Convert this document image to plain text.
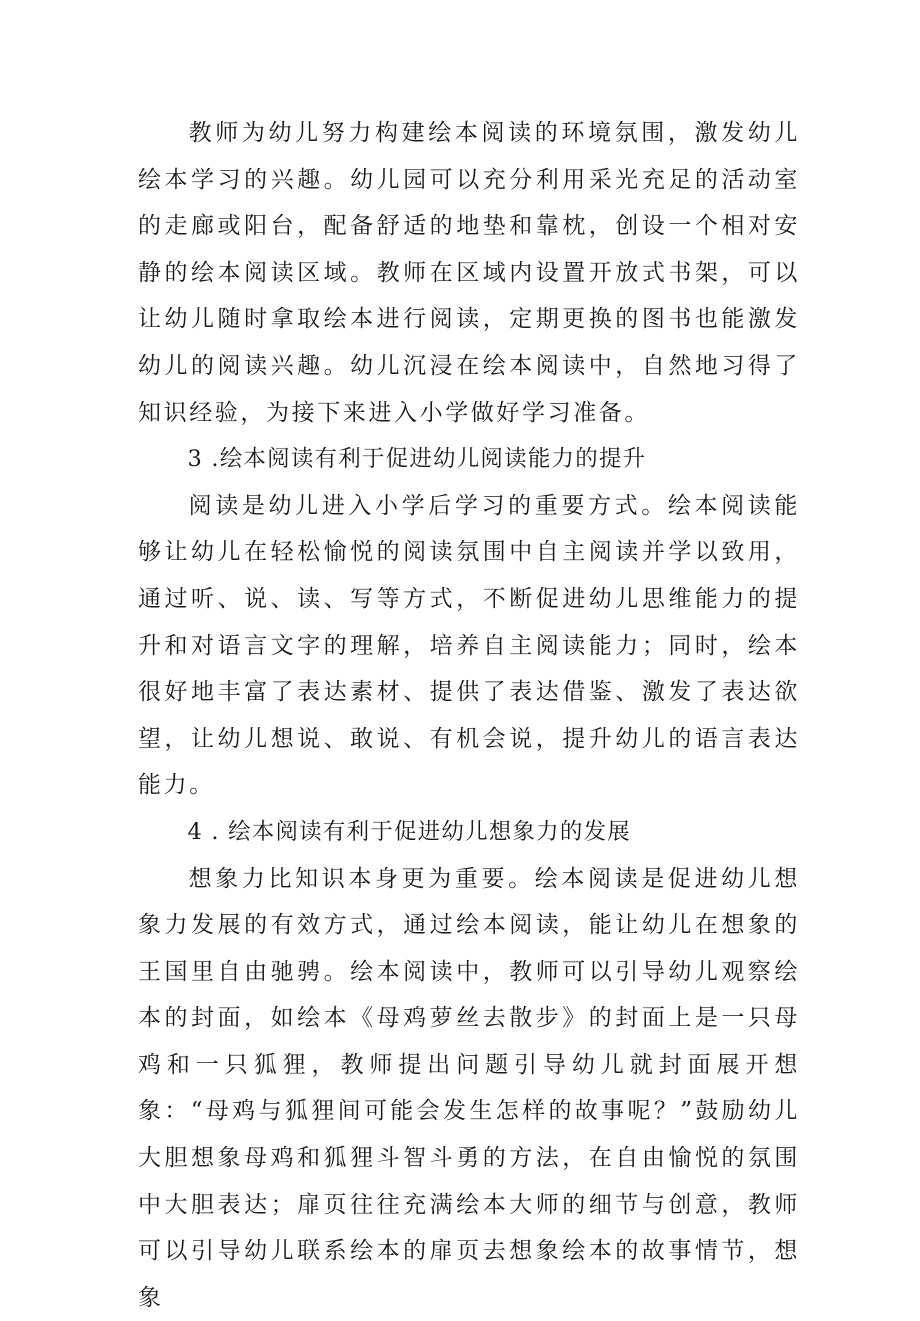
教师为幼儿努力构建绘本阅读的环境氛围，激发幼儿绘本学习的兴趣。幼儿园可以充分利用采光充足的活动室的走廊或阳台，配备舒适的地垫和靠枕，创设一个相对安静的绘本阅读区域。教师在区域内设置开放式书架，可以让幼儿随时拿取绘本进行阅读，定期更换的图书也能激发幼儿的阅读兴趣。幼儿沉浸在绘本阅读中，自然地习得了知识经验，为接下来进入小学做好学习准备。

3 .绘本阅读有利于促进幼儿阅读能力的提升

阅读是幼儿进入小学后学习的重要方式。绘本阅读能够让幼儿在轻松愉悦的阅读氛围中自主阅读并学以致用，通过听、说、读、写等方式，不断促进幼儿思维能力的提升和对语言文字的理解，培养自主阅读能力；同时，绘本很好地丰富了表达素材、提供了表达借鉴、激发了表达欲望，让幼儿想说、敢说、有机会说，提升幼儿的语言表达能力。

4 . 绘本阅读有利于促进幼儿想象力的发展

想象力比知识本身更为重要。绘本阅读是促进幼儿想象力发展的有效方式，通过绘本阅读，能让幼儿在想象的王国里自由驰骋。绘本阅读中，教师可以引导幼儿观察绘本的封面，如绘本《母鸡萝丝去散步》的封面上是一只母鸡和一只狐狸，教师提出问题引导幼儿就封面展开想象：“母鸡与狐狸间可能会发生怎样的故事呢？”鼓励幼儿大胆想象母鸡和狐狸斗智斗勇的方法，在自由愉悦的氛围中大胆表达；扉页往往充满绘本大师的细节与创意，教师可以引导幼儿联系绘本的扉页去想象绘本的故事情节，想象
